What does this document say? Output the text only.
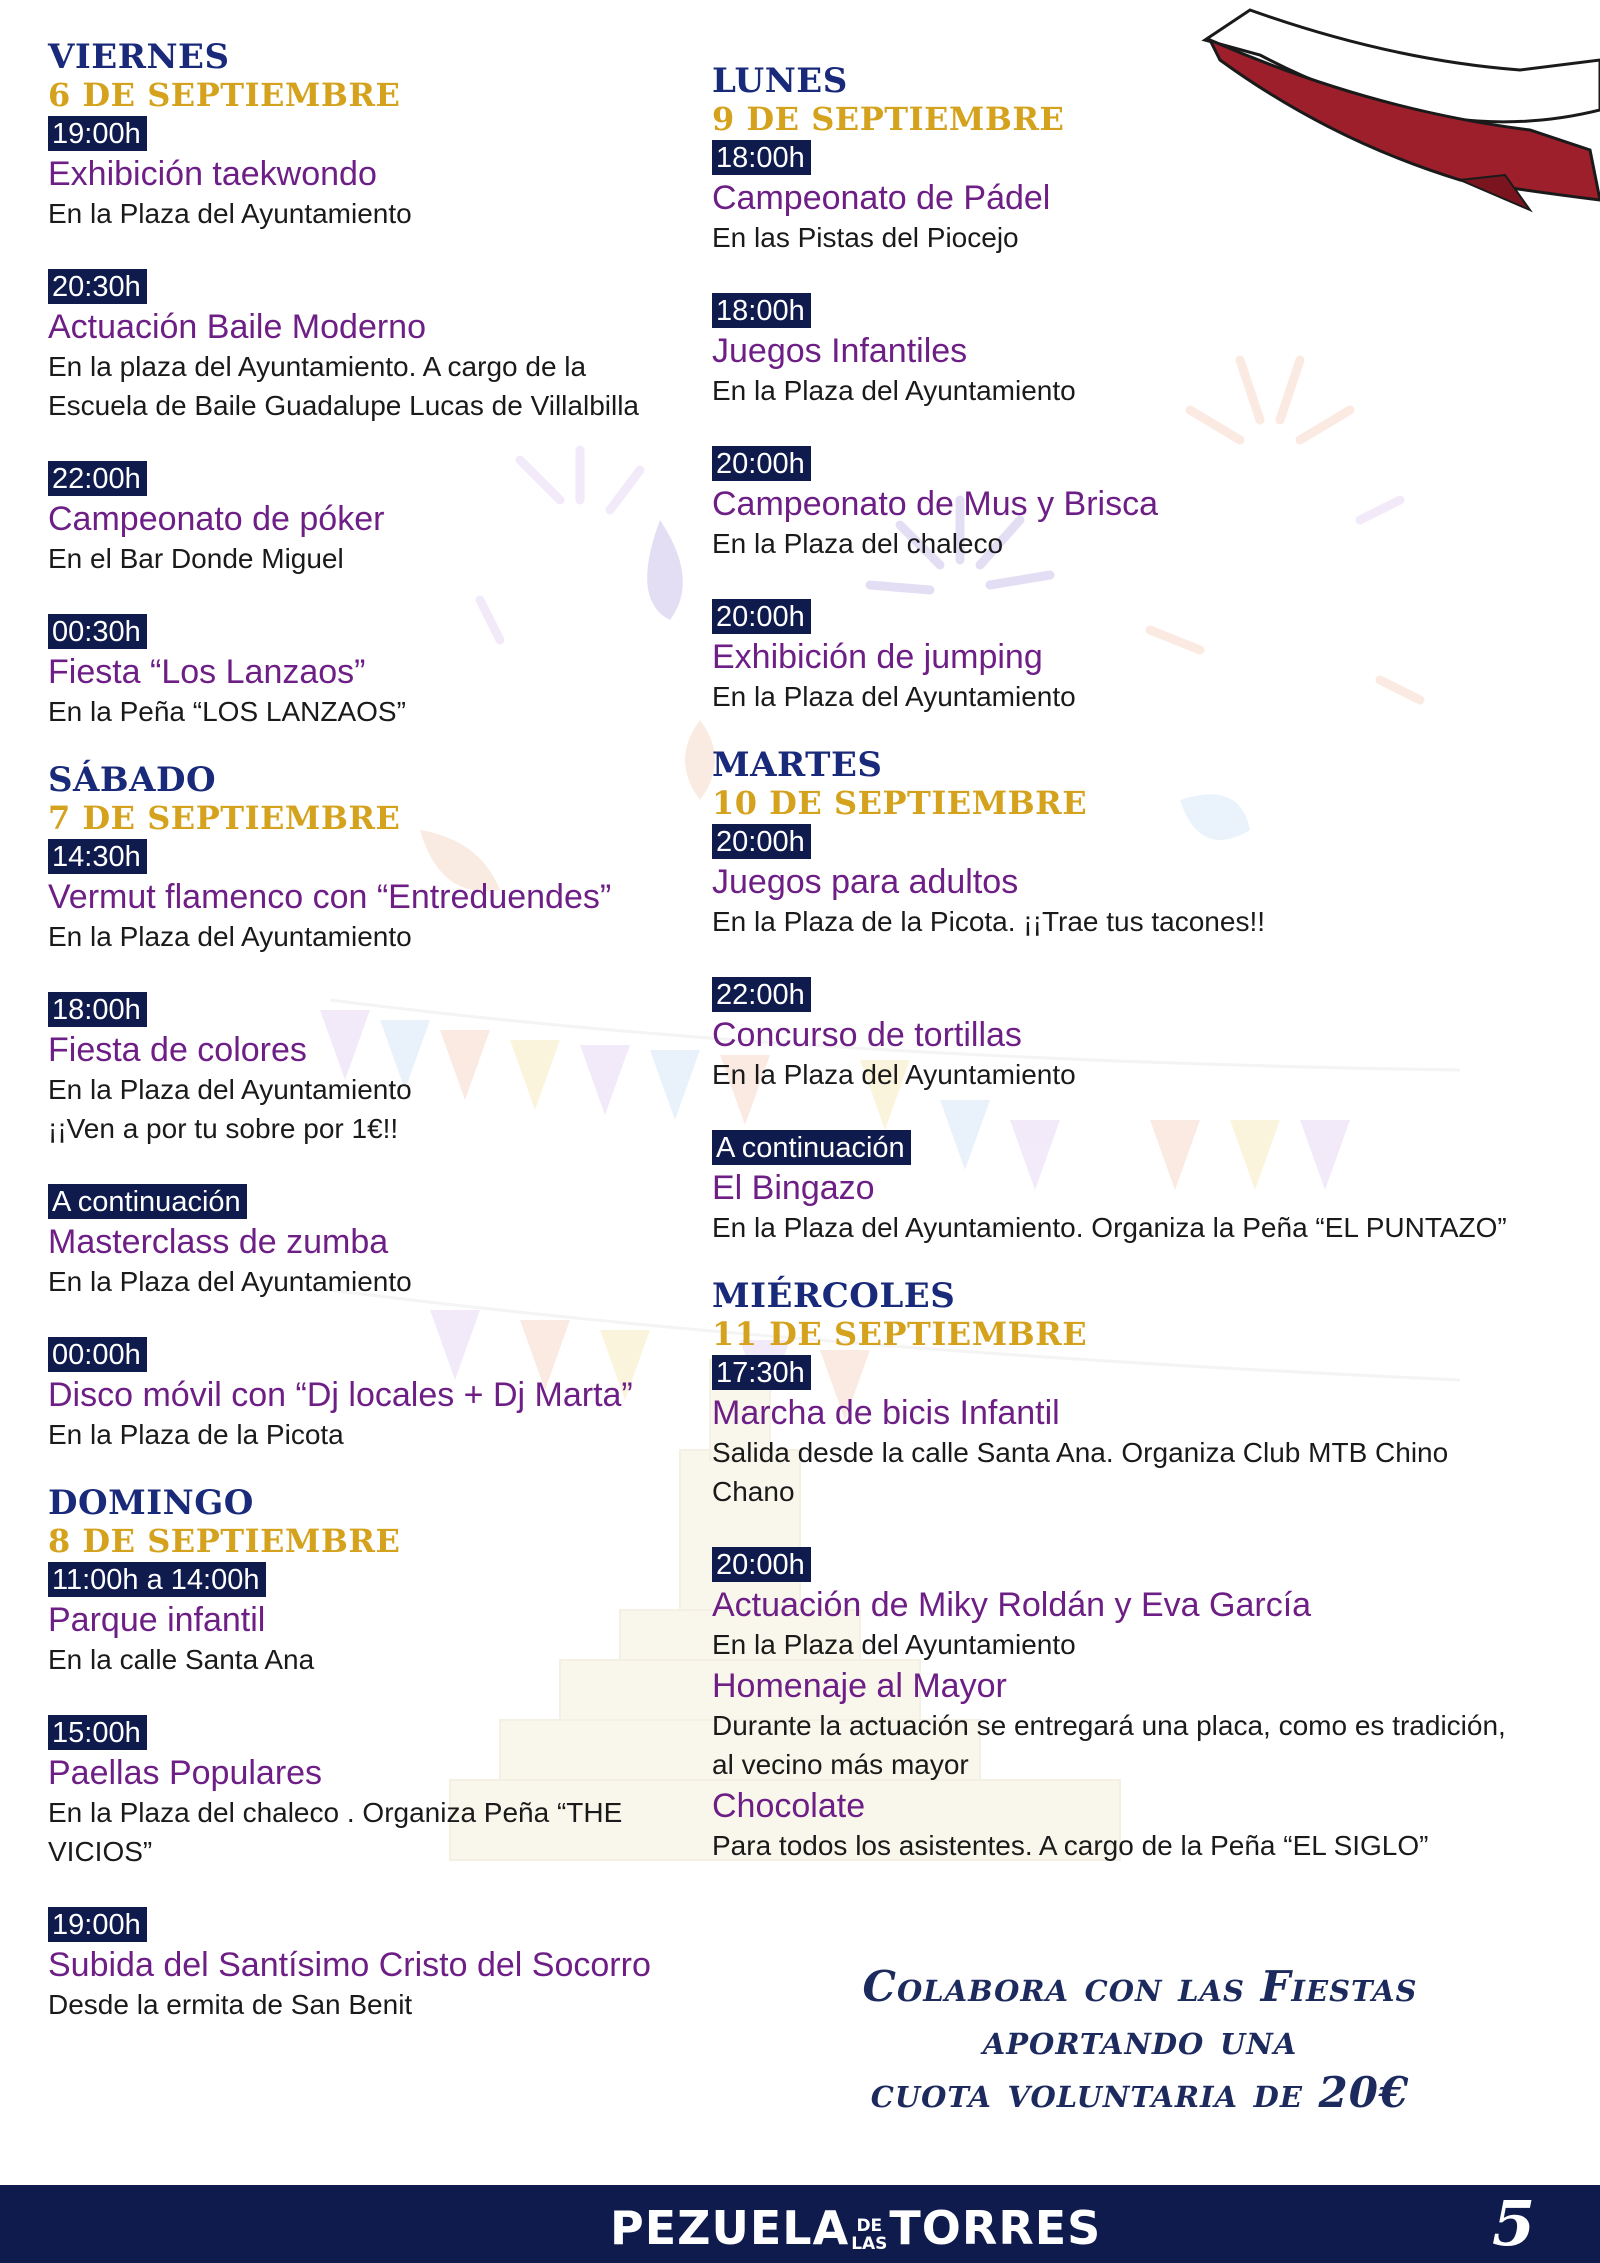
VIERNES
6 DE SEPTIEMBRE
19:00h
Exhibición taekwondo
En la Plaza del Ayuntamiento
20:30h
Actuación Baile Moderno
En la plaza del Ayuntamiento. A cargo de la Escuela de Baile Guadalupe Lucas de Villalbilla
22:00h
Campeonato de póker
En el Bar Donde Miguel
00:30h
Fiesta “Los Lanzaos”
En la Peña “LOS LANZAOS”
SÁBADO
7 DE SEPTIEMBRE
14:30h
Vermut flamenco con “Entreduendes”
En la Plaza del Ayuntamiento
18:00h
Fiesta de colores
En la Plaza del Ayuntamiento
¡¡Ven a por tu sobre por 1€!!
A continuación
Masterclass de zumba
En la Plaza del Ayuntamiento
00:00h
Disco móvil con “Dj locales + Dj Marta”
En la Plaza de la Picota
DOMINGO
8 DE SEPTIEMBRE
11:00h a 14:00h
Parque infantil
En la calle Santa Ana
15:00h
Paellas Populares
En la Plaza del chaleco . Organiza Peña “THE VICIOS”
19:00h
Subida del Santísimo Cristo del Socorro
Desde la ermita de San Benit
LUNES
9 DE SEPTIEMBRE
18:00h
Campeonato de Pádel
En las Pistas del Piocejo
18:00h
Juegos Infantiles
En la Plaza del Ayuntamiento
20:00h
Campeonato de Mus y Brisca
En la Plaza del chaleco
20:00h
Exhibición de jumping
En la Plaza del Ayuntamiento
MARTES
10 DE SEPTIEMBRE
20:00h
Juegos para adultos
En la Plaza de la Picota. ¡¡Trae tus tacones!!
22:00h
Concurso de tortillas
En la Plaza del Ayuntamiento
A continuación
El Bingazo
En la Plaza del Ayuntamiento. Organiza la Peña “EL PUNTAZO”
MIÉRCOLES
11 DE SEPTIEMBRE
17:30h
Marcha de bicis Infantil
Salida desde la calle Santa Ana. Organiza Club MTB Chino Chano
20:00h
Actuación de Miky Roldán y Eva García
En la Plaza del Ayuntamiento
Homenaje al Mayor
Durante la actuación se entregará una placa, como es tradición, al vecino más mayor
Chocolate
Para todos los asistentes. A cargo de la Peña “EL SIGLO”
Colabora con las Fiestas
aportando una
cuota voluntaria de 20€
PEZUELA DE
LAS TORRES	5
